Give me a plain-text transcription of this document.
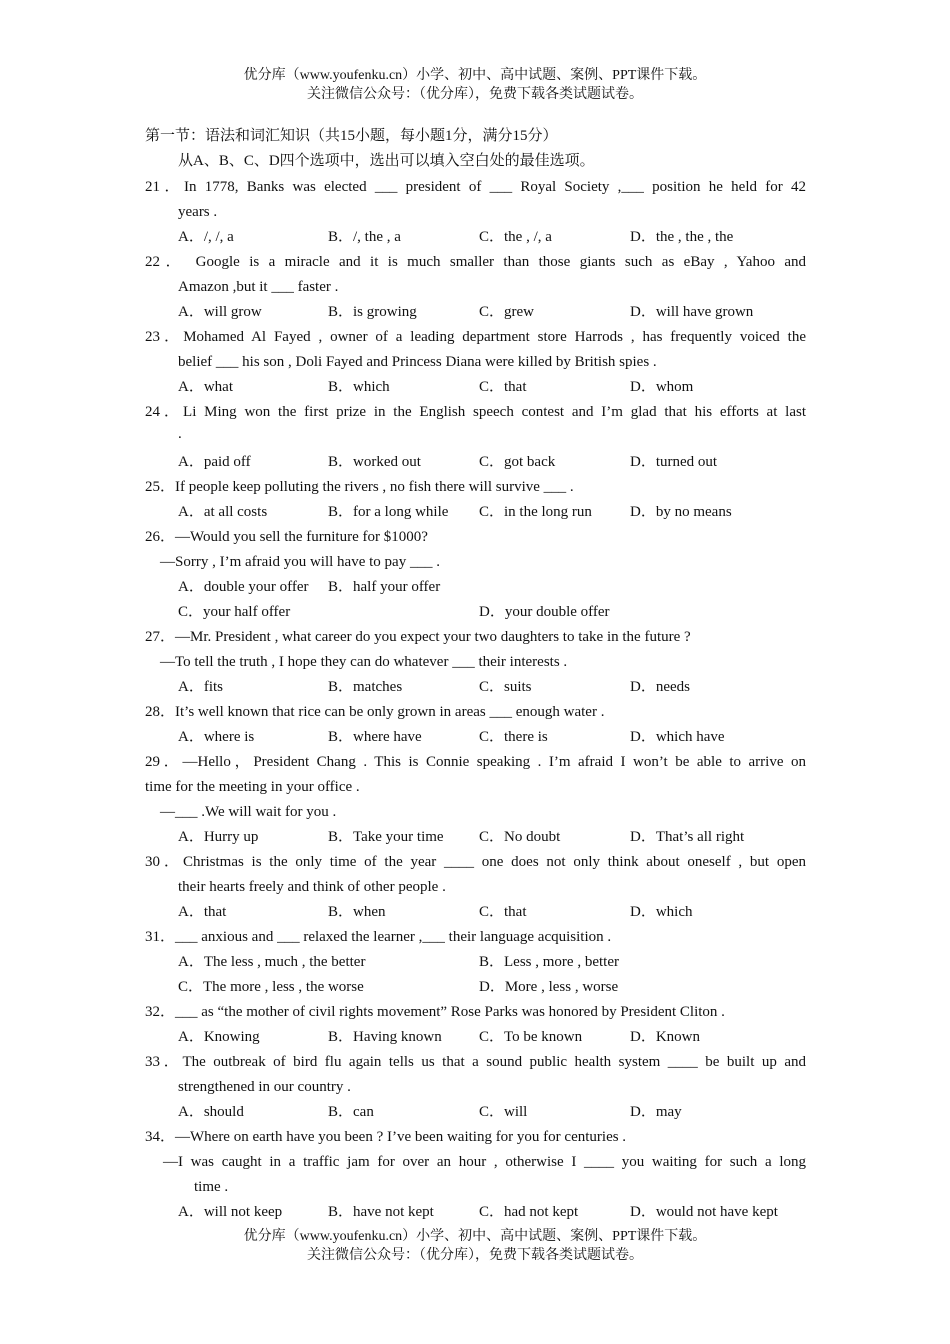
优分库（www.youfenku.cn）小学、初中、高中试题、案例、PPT课件下载。
关注微信公众号：（优分库），免费下载各类试题试卷。
第一节：语法和词汇知识（共15小题，每小题1分，满分15分）
从A、B、C、D四个选项中，选出可以填入空白处的最佳选项。
21．In 1778, Banks was elected ___ president of ___ Royal Society ,___ position he held for 42
years .
A．/, /, a	B．/, the , a	C．the , /, a	D．the , the , the
22． Google is a miracle and it is much smaller than those giants such as eBay , Yahoo and
Amazon ,but it ___ faster .
A．will grow	B．is growing	C．grew	D．will have grown
23．Mohamed Al Fayed , owner of a leading department store Harrods , has frequently voiced the
belief ___ his son , Doli Fayed and Princess Diana were killed by British spies .
A．what	B．which	C．that	D．whom
24．Li Ming won the first prize in the English speech contest and I’m glad that his efforts at last
.
A．paid off	B．worked out	C．got back	D．turned out
25．If people keep polluting the rivers , no fish there will survive ___ .
A．at all costs	B．for a long while C．in the long run	D．by no means
26．—Would you sell the furniture for $1000?
—Sorry , I’m afraid you will have to pay ___ .
A．double your offer B．half your offer
C．your half offer	D．your double offer
27．—Mr. President , what career do you expect your two daughters to take in the future ?
—To tell the truth , I hope they can do whatever ___ their interests .
A．fits	B．matches	C．suits	D．needs
28．It’s well known that rice can be only grown in areas ___ enough water .
A．where is	B．where have	C．there is	D．which have
29．—Hello，President Chang . This is Connie speaking . I’m afraid I won’t be able to arrive on
time for the meeting in your office .
—___ .We will wait for you .
A．Hurry up	B．Take your time C．No doubt	D．That’s all right
30．Christmas is the only time of the year ____ one does not only think about oneself , but open
their hearts freely and think of other people .
A．that	B．when	C．that	D．which
31．___ anxious and ___ relaxed the learner ,___ their language acquisition .
A．The less , much , the better	B．Less , more , better
C．The more , less , the worse	D．More , less , worse
32．___ as “the mother of civil rights movement” Rose Parks was honored by President Cliton .
A．Knowing	B．Having known C．To be known	D．Known
33．The outbreak of bird flu again tells us that a sound public health system ____ be built up and
strengthened in our country .
A．should	B．can	C．will	D．may
34．—Where on earth have you been ? I’ve been waiting for you for centuries .
—I was caught in a traffic jam for over an hour , otherwise I ____ you waiting for such a long
time .
A．will not keep	B．have not kept	C．had not kept	D．would not have kept
优分库（www.youfenku.cn）小学、初中、高中试题、案例、PPT课件下载。
关注微信公众号：（优分库），免费下载各类试题试卷。
